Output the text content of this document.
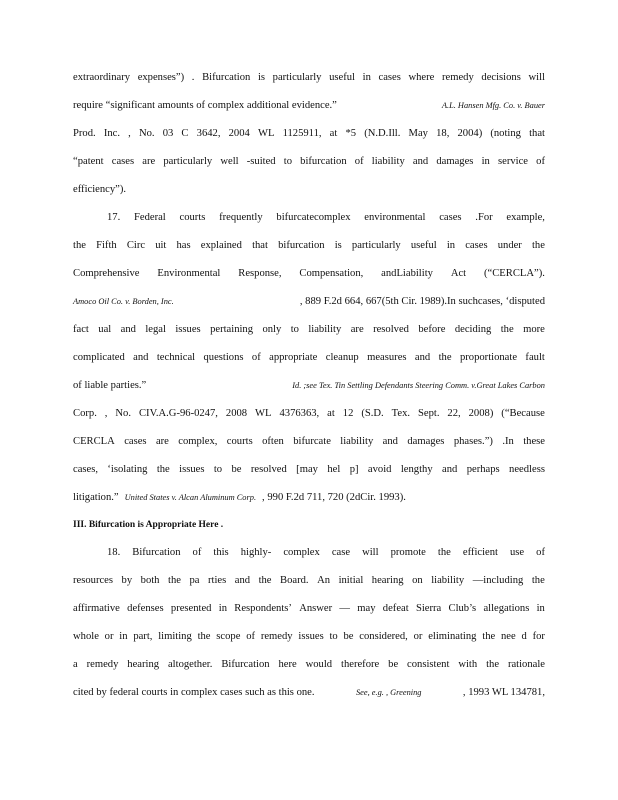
extraordinary expenses”) . Bifurcation is particularly useful in cases where remedy decisions will
require “significant amounts of complex additional evidence.”	A.L. Hansen Mfg. Co. v. Bauer
Prod. Inc. , No. 03 C 3642, 2004 WL 1125911, at *5 (N.D.Ill. May 18, 2004) (noting that
“patent cases are particularly well -suited to bifurcation of liability and damages in service of
efficiency”).
17. Federal courts frequently bifurcatecomplex environmental cases .For example,
the Fifth Circ uit has explained that bifurcation is particularly useful in cases under the
Comprehensive Environmental Response, Compensation, andLiability Act (“CERCLA”).
Amoco Oil Co. v. Borden, Inc.	, 889 F.2d 664, 667(5th Cir. 1989).In suchcases, ‘disputed
fact ual and legal issues pertaining only to liability are resolved before deciding the more
complicated and technical questions of appropriate cleanup measures and the proportionate fault
of liable parties.”	Id. ;see Tex. Tin Settling Defendants Steering Comm. v.Great Lakes Carbon
Corp. , No. CIV.A.G-96-0247, 2008 WL 4376363, at 12 (S.D. Tex. Sept. 22, 2008) (“Because
CERCLA cases are complex, courts often bifurcate liability and damages phases.”) .In these
cases, ‘isolating the issues to be resolved [may hel p] avoid lengthy and perhaps needless
litigation.” United States v. Alcan Aluminum Corp. , 990 F.2d 711, 720 (2dCir. 1993).
III. Bifurcation is Appropriate Here .
18. Bifurcation of this highly- complex case will promote the efficient use of
resources by both the pa rties and the Board. An initial hearing on liability —including the
affirmative defenses presented in Respondents’ Answer — may defeat Sierra Club’s allegations in
whole or in part, limiting the scope of remedy issues to be considered, or eliminating the nee d for
a remedy hearing altogether. Bifurcation here would therefore be consistent with the rationale
cited by federal courts in complex cases such as this one.	See, e.g. , Greening	, 1993 WL 134781,
